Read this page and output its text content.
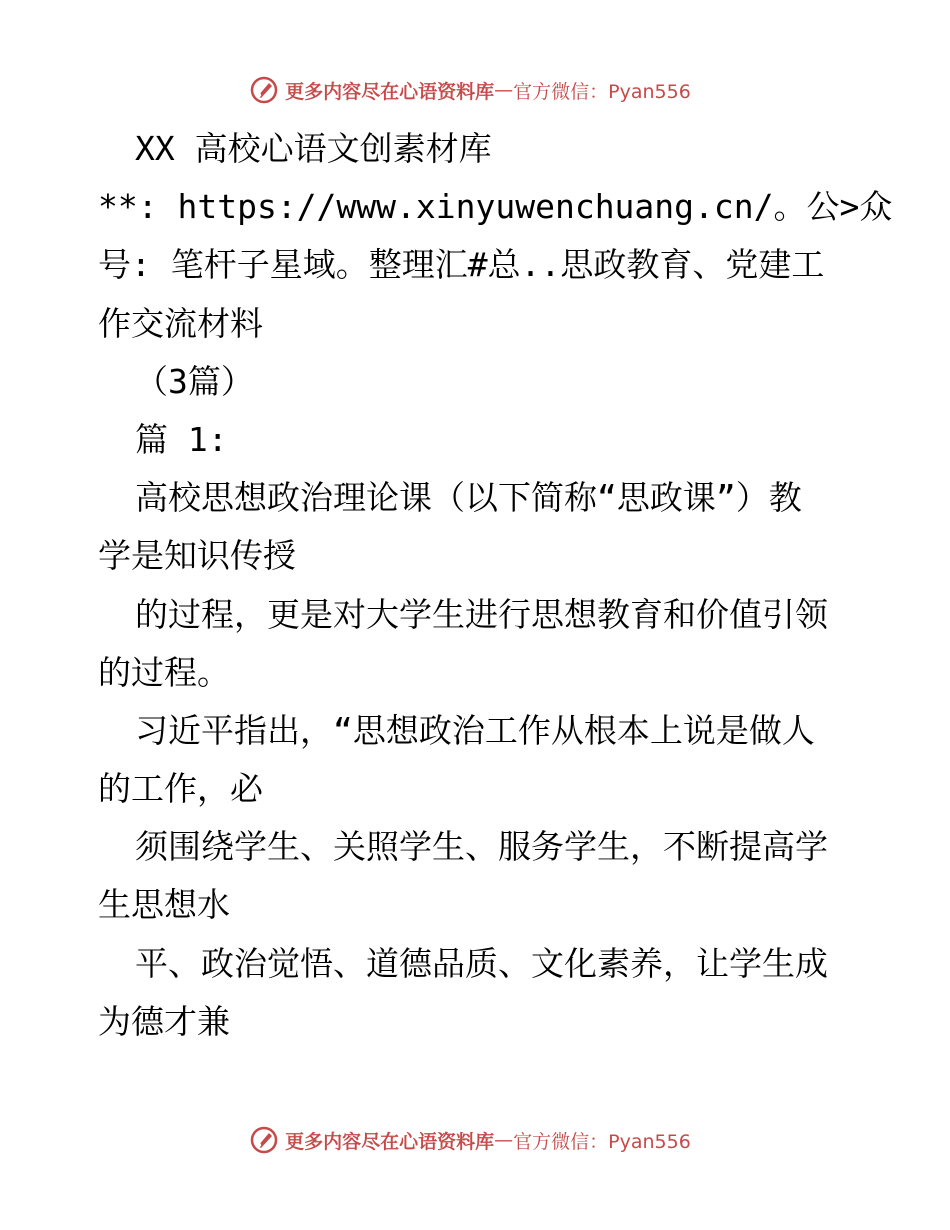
更多内容尽在心语资料库 — 官方微信：Pyan556
XX 高校心语文创素材库
**: https://www.xinyuwenchuang.cn/。公>众
号: 笔杆子星域。整理汇#总..思政教育、党建工
作交流材料
（3篇）
篇 1:
高校思想政治理论课（以下简称“思政课”）教
学是知识传授
的过程，更是对大学生进行思想教育和价值引领
的过程。
习近平指出，“思想政治工作从根本上说是做人
的工作，必
须围绕学生、关照学生、服务学生，不断提高学
生思想水
平、政治觉悟、道德品质、文化素养，让学生成
为德才兼
更多内容尽在心语资料库 — 官方微信：Pyan556
